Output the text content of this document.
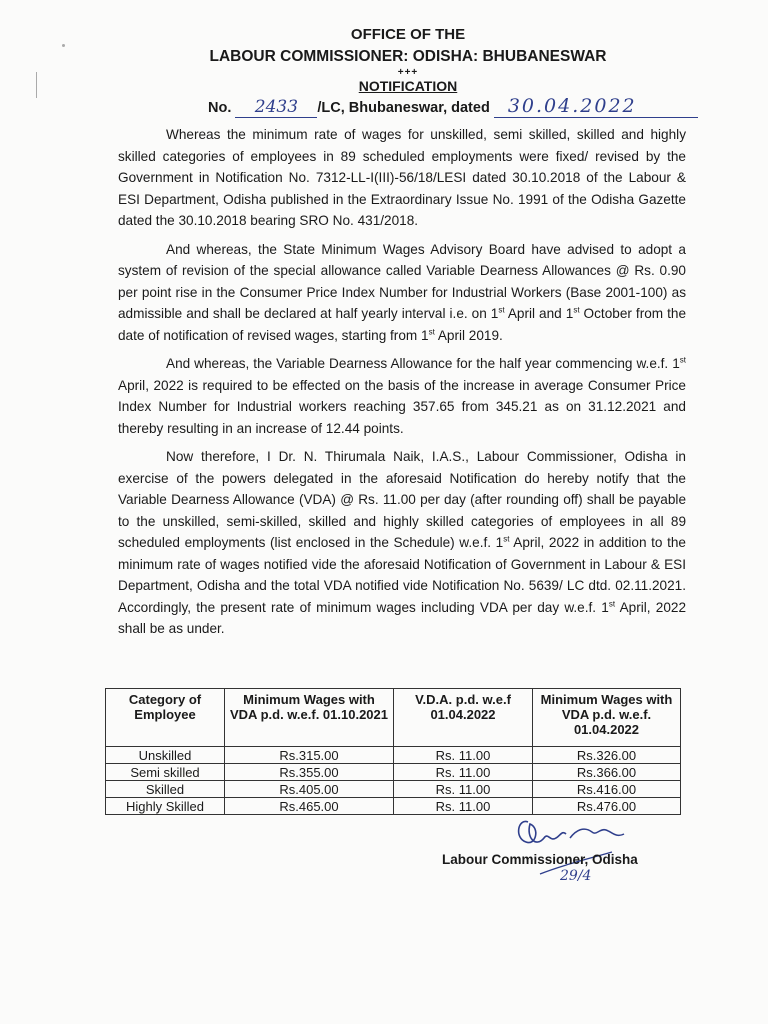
OFFICE OF THE
LABOUR COMMISSIONER: ODISHA: BHUBANESWAR
+++
NOTIFICATION
No. 2433 /LC, Bhubaneswar, dated 30.04.2022

Whereas the minimum rate of wages for unskilled, semi skilled, skilled and highly skilled categories of employees in 89 scheduled employments were fixed/ revised by the Government in Notification No. 7312-LL-I(III)-56/18/LESI dated 30.10.2018 of the Labour & ESI Department, Odisha published in the Extraordinary Issue No. 1991 of the Odisha Gazette dated the 30.10.2018 bearing SRO No. 431/2018.

And whereas, the State Minimum Wages Advisory Board have advised to adopt a system of revision of the special allowance called Variable Dearness Allowances @ Rs. 0.90 per point rise in the Consumer Price Index Number for Industrial Workers (Base 2001-100) as admissible and shall be declared at half yearly interval i.e. on 1st April and 1st October from the date of notification of revised wages, starting from 1st April 2019.

And whereas, the Variable Dearness Allowance for the half year commencing w.e.f. 1st April, 2022 is required to be effected on the basis of the increase in average Consumer Price Index Number for Industrial workers reaching 357.65 from 345.21 as on 31.12.2021 and thereby resulting in an increase of 12.44 points.

Now therefore, I Dr. N. Thirumala Naik, I.A.S., Labour Commissioner, Odisha in exercise of the powers delegated in the aforesaid Notification do hereby notify that the Variable Dearness Allowance (VDA) @ Rs. 11.00 per day (after rounding off) shall be payable to the unskilled, semi-skilled, skilled and highly skilled categories of employees in all 89 scheduled employments (list enclosed in the Schedule) w.e.f. 1st April, 2022 in addition to the minimum rate of wages notified vide the aforesaid Notification of Government in Labour & ESI Department, Odisha and the total VDA notified vide Notification No. 5639/ LC dtd. 02.11.2021. Accordingly, the present rate of minimum wages including VDA per day w.e.f. 1st April, 2022 shall be as under.

Category of Employee	Minimum Wages with VDA p.d. w.e.f. 01.10.2021	V.D.A. p.d. w.e.f 01.04.2022	Minimum Wages with VDA p.d. w.e.f. 01.04.2022
Unskilled	Rs.315.00	Rs. 11.00	Rs.326.00
Semi skilled	Rs.355.00	Rs. 11.00	Rs.366.00
Skilled	Rs.405.00	Rs. 11.00	Rs.416.00
Highly Skilled	Rs.465.00	Rs. 11.00	Rs.476.00
29/4
Labour Commissioner, Odisha
